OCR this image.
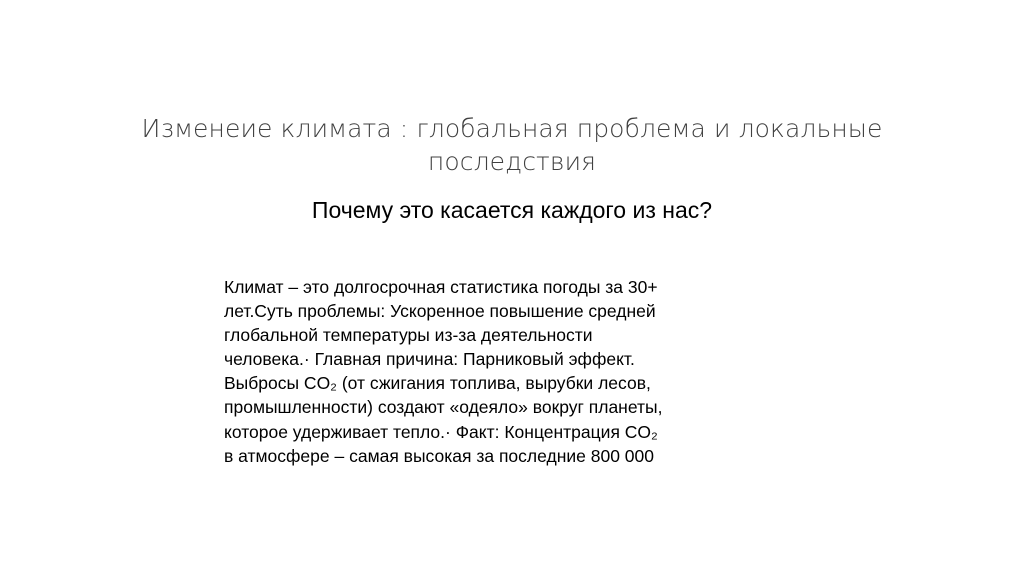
Изменеие климата : глобальная проблема и локальные
последствия
Почему это касается каждого из нас?
Климат – это долгосрочная статистика погоды за 30+
лет.Суть проблемы: Ускоренное повышение средней
глобальной температуры из-за деятельности
человека.· Главная причина: Парниковый эффект.
Выбросы CO₂ (от сжигания топлива, вырубки лесов,
промышленности) создают «одеяло» вокруг планеты,
которое удерживает тепло.· Факт: Концентрация CO₂
в атмосфере – самая высокая за последние 800 000
